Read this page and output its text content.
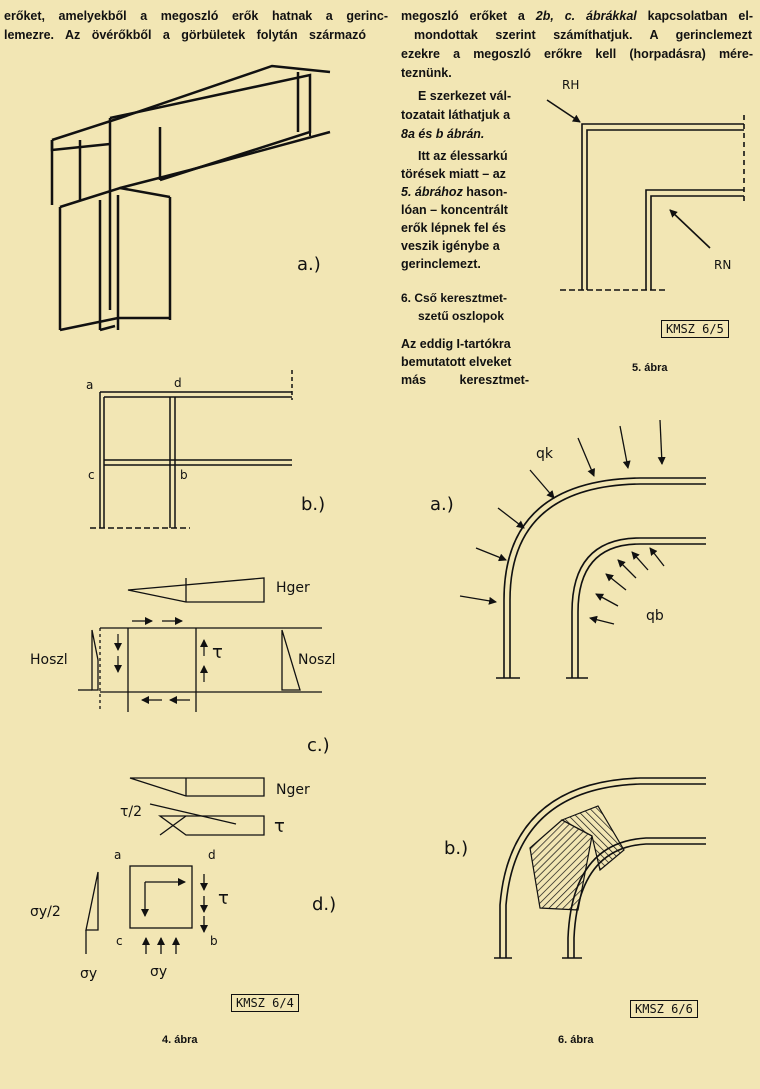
erőket, amelyekből a megoszló erők hatnak a gerinc-
lemezre. Az övérőkből a görbületek folytán származó
megoszló erőket a 2b, c. ábrákkal kapcsolatban el-
mondottak szerint számíthatjuk. A gerinclemezt
ezekre a megoszló erőkre kell (horpadásra) mére-
teznünk.
E szerkezet vál-
tozatait láthatjuk a
8a és b ábrán.
Itt az élessarkú
törések miatt – az
5. ábrához hason-
lóan – koncentrált
erők lépnek fel és
veszik igénybe a
gerinclemezt.
6. Cső keresztmet-
szetű oszlopok
Az eddig I-tartókra
bemutatott elveket
más keresztmet-
a.)
a	d
c	b
b.)
Hger
Hoszl	Noszl
τ
c.)
Nger
τ/2
τ
a	d
c	b
τ
σy/2
σy	σy
d.)
KMSZ 6/4
4. ábra
RH
RN
KMSZ 6/5
5. ábra
a.)
qk
qb
b.)
KMSZ 6/6
6. ábra
